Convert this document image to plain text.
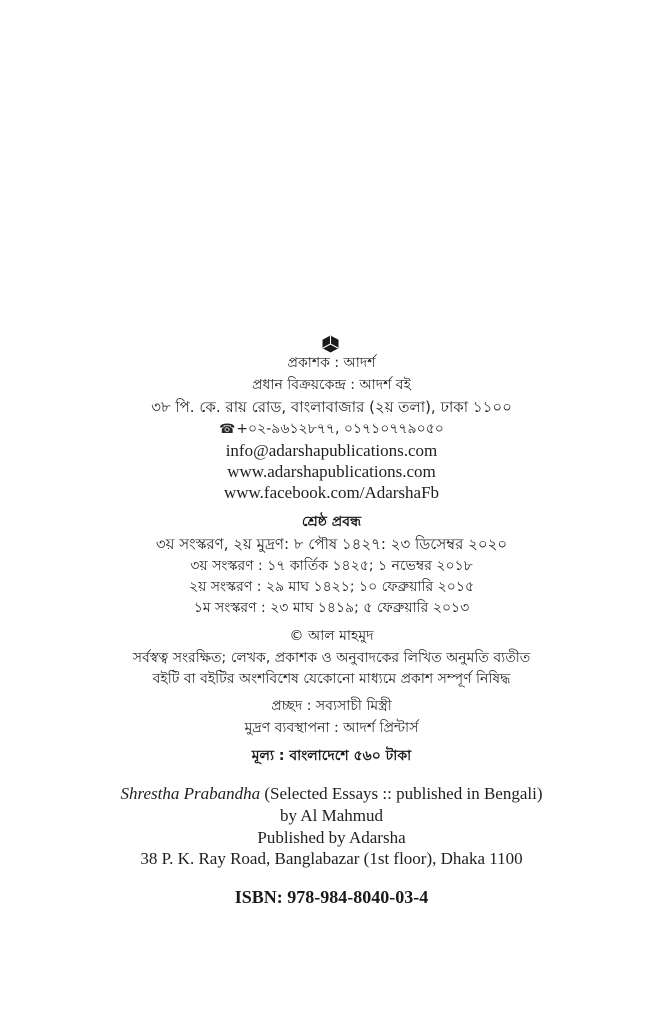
প্রকাশক : আদর্শ
প্রধান বিক্রয়কেন্দ্র : আদর্শ বই
৩৮ পি. কে. রায় রোড, বাংলাবাজার (২য় তলা), ঢাকা ১১০০
☎+০২-৯৬১২৮৭৭, ০১৭১০৭৭৯০৫০
info@adarshapublications.com
www.adarshapublications.com
www.facebook.com/AdarshaFb
শ্রেষ্ঠ প্রবন্ধ
৩য় সংস্করণ, ২য় মুদ্রণ: ৮ পৌষ ১৪২৭: ২৩ ডিসেম্বর ২০২০
৩য় সংস্করণ : ১৭ কার্তিক ১৪২৫; ১ নভেম্বর ২০১৮
২য় সংস্করণ : ২৯ মাঘ ১৪২১; ১০ ফেব্রুয়ারি ২০১৫
১ম সংস্করণ : ২৩ মাঘ ১৪১৯; ৫ ফেব্রুয়ারি ২০১৩
© আল মাহমুদ
সর্বস্বত্ব সংরক্ষিত; লেখক, প্রকাশক ও অনুবাদকের লিখিত অনুমতি ব্যতীত
বইটি বা বইটির অংশবিশেষ যেকোনো মাধ্যমে প্রকাশ সম্পূর্ণ নিষিদ্ধ
প্রচ্ছদ : সব্যসাচী মিস্ত্রী
মুদ্রণ ব্যবস্থাপনা : আদর্শ প্রিন্টার্স
মূল্য : বাংলাদেশে ৫৬০ টাকা
Shrestha Prabandha (Selected Essays :: published in Bengali)
by Al Mahmud
Published by Adarsha
38 P. K. Ray Road, Banglabazar (1st floor), Dhaka 1100
ISBN: 978-984-8040-03-4
